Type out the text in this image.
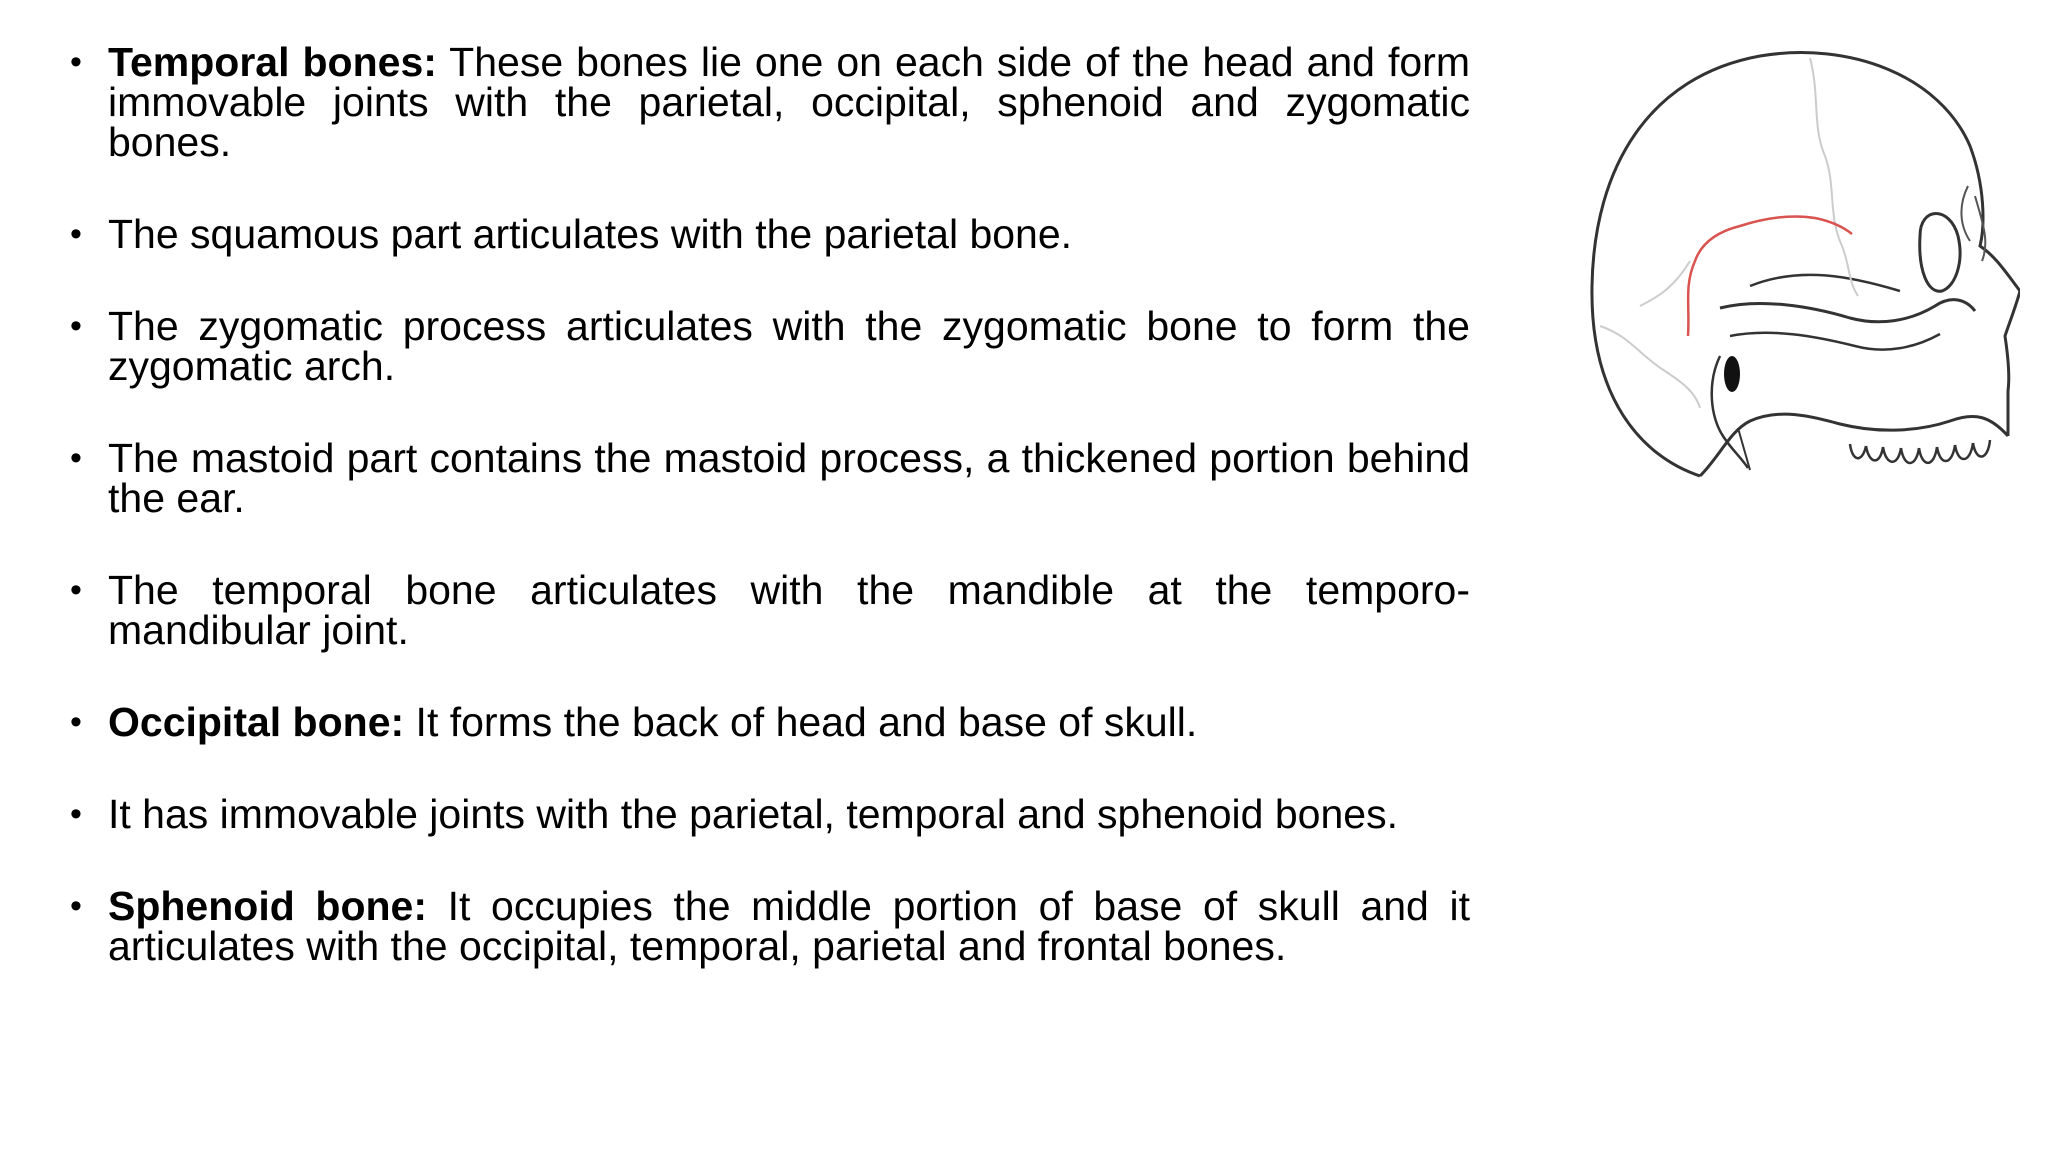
• Temporal bones: These bones lie one on each side of the head and form immovable joints with the parietal, occipital, sphenoid and zygomatic bones.
• The squamous part articulates with the parietal bone.
• The zygomatic process articulates with the zygomatic bone to form the zygomatic arch.
• The mastoid part contains the mastoid process, a thickened portion behind the ear.
• The temporal bone articulates with the mandible at the temporo-mandibular joint.
• Occipital bone: It forms the back of head and base of skull.
• It has immovable joints with the parietal, temporal and sphenoid bones.
• Sphenoid bone: It occupies the middle portion of base of skull and it articulates with the occipital, temporal, parietal and frontal bones.
